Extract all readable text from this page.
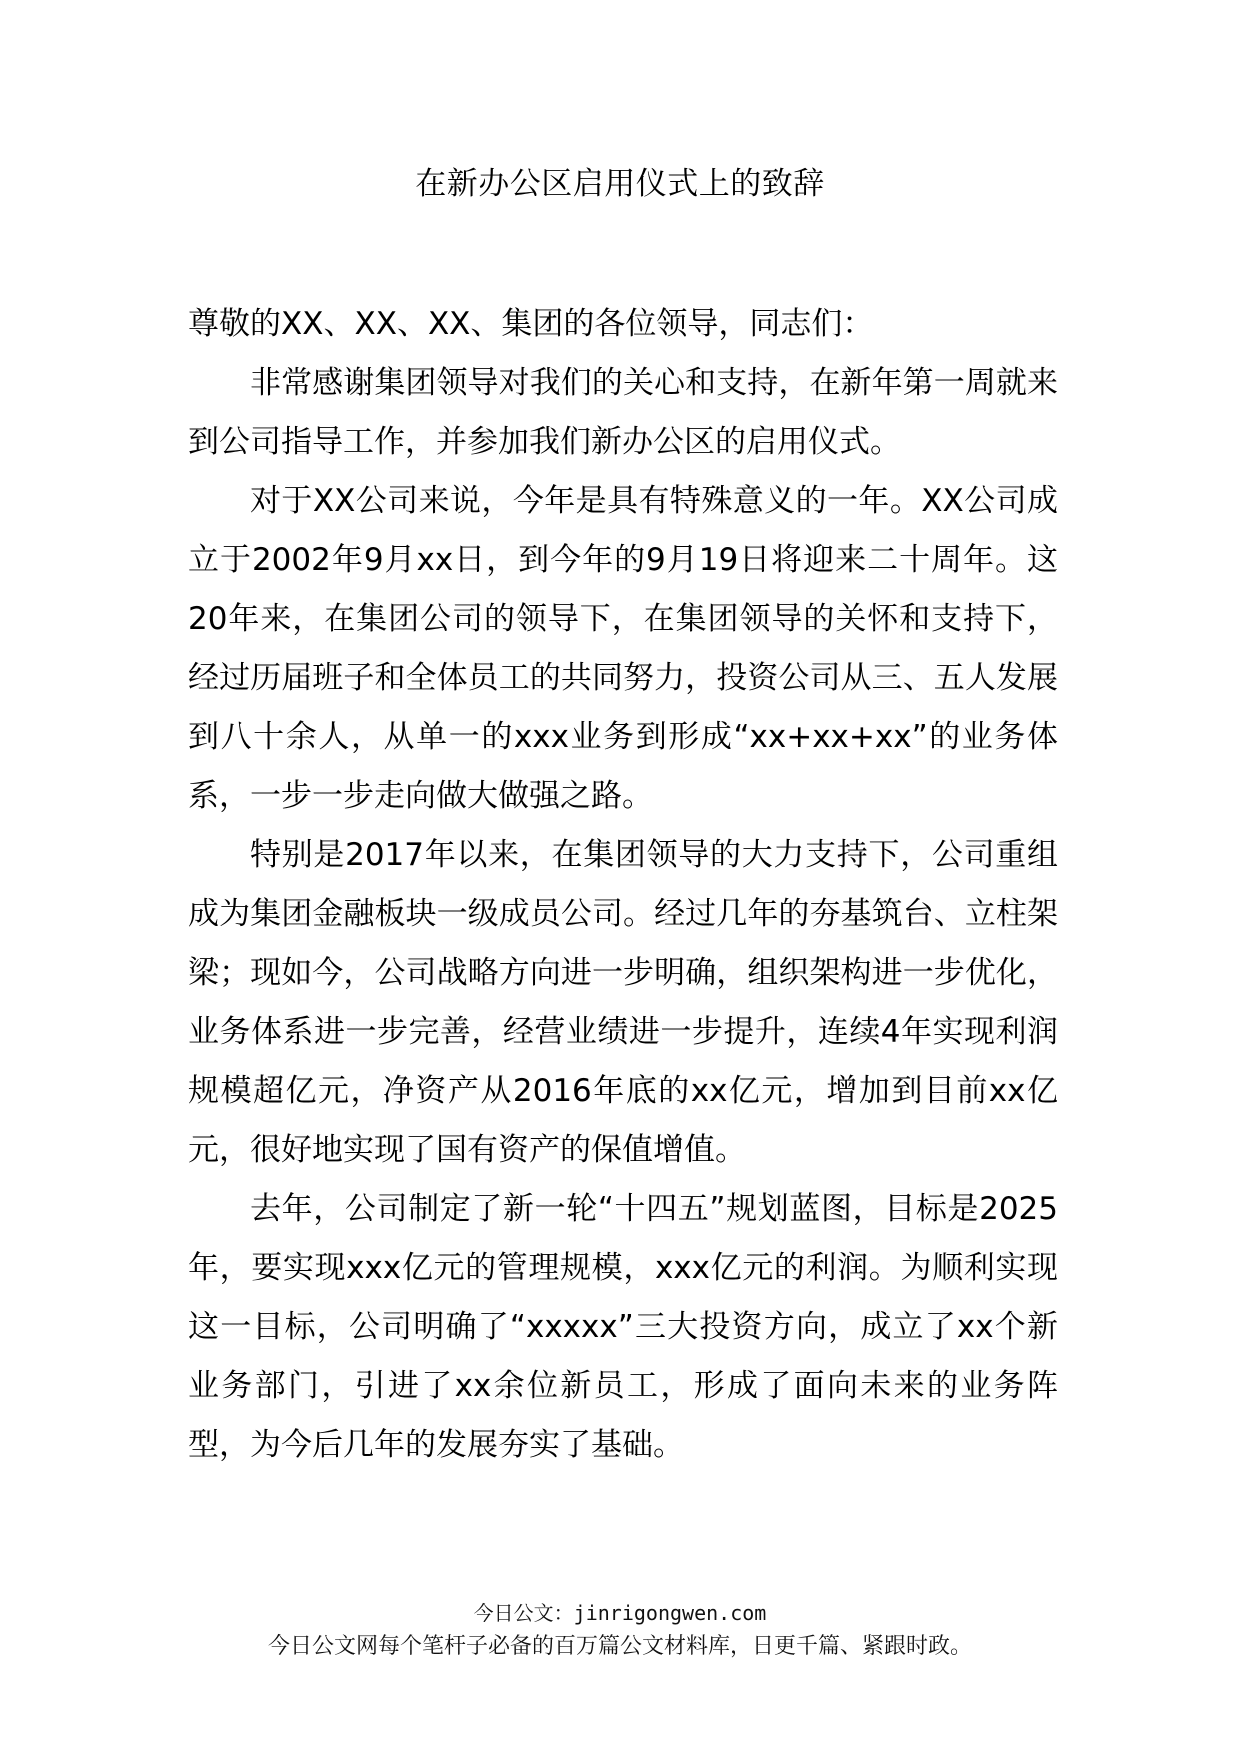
在新办公区启用仪式上的致辞

尊敬的XX、XX、XX、集团的各位领导，同志们：

非常感谢集团领导对我们的关心和支持，在新年第一周就来到公司指导工作，并参加我们新办公区的启用仪式。

对于XX公司来说，今年是具有特殊意义的一年。XX公司成立于2002年9月xx日，到今年的9月19日将迎来二十周年。这20年来，在集团公司的领导下，在集团领导的关怀和支持下，经过历届班子和全体员工的共同努力，投资公司从三、五人发展到八十余人，从单一的xxx业务到形成“xx+xx+xx”的业务体系，一步一步走向做大做强之路。

特别是2017年以来，在集团领导的大力支持下，公司重组成为集团金融板块一级成员公司。经过几年的夯基筑台、立柱架梁；现如今，公司战略方向进一步明确，组织架构进一步优化，业务体系进一步完善，经营业绩进一步提升，连续4年实现利润规模超亿元，净资产从2016年底的xx亿元，增加到目前xx亿元，很好地实现了国有资产的保值增值。

去年，公司制定了新一轮“十四五”规划蓝图，目标是2025年，要实现xxx亿元的管理规模，xxx亿元的利润。为顺利实现这一目标，公司明确了“xxxxx”三大投资方向，成立了xx个新业务部门，引进了xx余位新员工，形成了面向未来的业务阵型，为今后几年的发展夯实了基础。

今日公文：jinrigongwen.com
今日公文网每个笔杆子必备的百万篇公文材料库，日更千篇、紧跟时政。
